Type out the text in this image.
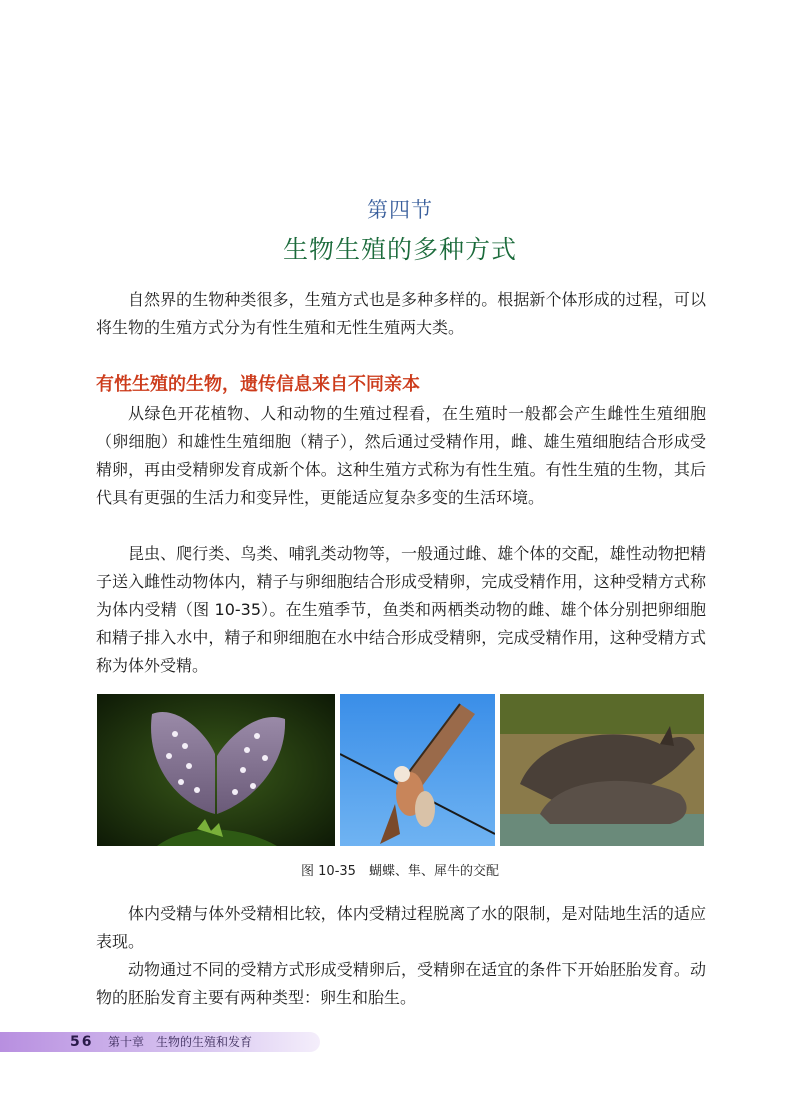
第四节
生物生殖的多种方式

自然界的生物种类很多，生殖方式也是多种多样的。根据新个体形成的过程，可以将生物的生殖方式分为有性生殖和无性生殖两大类。

有性生殖的生物，遗传信息来自不同亲本

从绿色开花植物、人和动物的生殖过程看，在生殖时一般都会产生雌性生殖细胞（卵细胞）和雄性生殖细胞（精子），然后通过受精作用，雌、雄生殖细胞结合形成受精卵，再由受精卵发育成新个体。这种生殖方式称为有性生殖。有性生殖的生物，其后代具有更强的生活力和变异性，更能适应复杂多变的生活环境。

昆虫、爬行类、鸟类、哺乳类动物等，一般通过雌、雄个体的交配，雄性动物把精子送入雌性动物体内，精子与卵细胞结合形成受精卵，完成受精作用，这种受精方式称为体内受精（图 10-35）。在生殖季节，鱼类和两栖类动物的雌、雄个体分别把卵细胞和精子排入水中，精子和卵细胞在水中结合形成受精卵，完成受精作用，这种受精方式称为体外受精。

图 10-35　蝴蝶、隼、犀牛的交配

体内受精与体外受精相比较，体内受精过程脱离了水的限制，是对陆地生活的适应表现。

动物通过不同的受精方式形成受精卵后，受精卵在适宜的条件下开始胚胎发育。动物的胚胎发育主要有两种类型：卵生和胎生。

56	第十章　生物的生殖和发育
